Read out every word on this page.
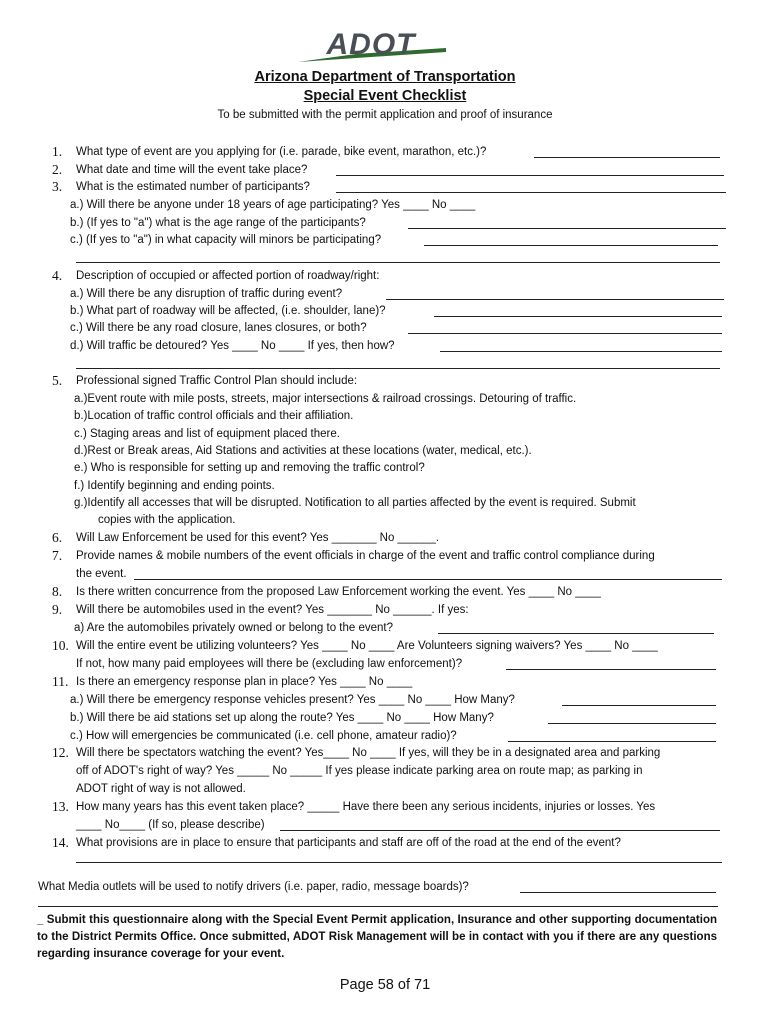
ADOT
Arizona Department of Transportation
Special Event Checklist
To be submitted with the permit application and proof of insurance
1. What type of event are you applying for (i.e. parade, bike event, marathon, etc.)?
2. What date and time will the event take place?
3. What is the estimated number of participants?
a.) Will there be anyone under 18 years of age participating? Yes ____ No ____
b.) (If yes to "a") what is the age range of the participants?
c.) (If yes to "a") in what capacity will minors be participating?
4. Description of occupied or affected portion of roadway/right:
a.) Will there be any disruption of traffic during event?
b.) What part of roadway will be affected, (i.e. shoulder, lane)?
c.) Will there be any road closure, lanes closures, or both?
d.) Will traffic be detoured? Yes ____ No ____ If yes, then how?
5. Professional signed Traffic Control Plan should include:
a.)Event route with mile posts, streets, major intersections & railroad crossings. Detouring of traffic.
b.)Location of traffic control officials and their affiliation.
c.) Staging areas and list of equipment placed there.
d.)Rest or Break areas, Aid Stations and activities at these locations (water, medical, etc.).
e.) Who is responsible for setting up and removing the traffic control?
f.) Identify beginning and ending points.
g.)Identify all accesses that will be disrupted. Notification to all parties affected by the event is required. Submit
copies with the application.
6. Will Law Enforcement be used for this event? Yes _______ No ______.
7. Provide names & mobile numbers of the event officials in charge of the event and traffic control compliance during
the event.
8. Is there written concurrence from the proposed Law Enforcement working the event. Yes ____ No ____
9. Will there be automobiles used in the event? Yes _______ No ______. If yes:
a) Are the automobiles privately owned or belong to the event?
10. Will the entire event be utilizing volunteers? Yes ____ No ____ Are Volunteers signing waivers? Yes ____ No ____
If not, how many paid employees will there be (excluding law enforcement)?
11. Is there an emergency response plan in place? Yes ____ No ____
a.) Will there be emergency response vehicles present? Yes ____ No ____ How Many?
b.) Will there be aid stations set up along the route? Yes ____ No ____ How Many?
c.) How will emergencies be communicated (i.e. cell phone, amateur radio)?
12. Will there be spectators watching the event? Yes____ No ____ If yes, will they be in a designated area and parking
off of ADOT's right of way? Yes _____ No _____ If yes please indicate parking area on route map; as parking in
ADOT right of way is not allowed.
13. How many years has this event taken place? _____ Have there been any serious incidents, injuries or losses. Yes
____ No____ (If so, please describe)
14. What provisions are in place to ensure that participants and staff are off of the road at the end of the event?
What Media outlets will be used to notify drivers (i.e. paper, radio, message boards)?
_ Submit this questionnaire along with the Special Event Permit application, Insurance and other supporting documentation to the District Permits Office. Once submitted, ADOT Risk Management will be in contact with you if there are any questions regarding insurance coverage for your event.
Page 58 of 71
